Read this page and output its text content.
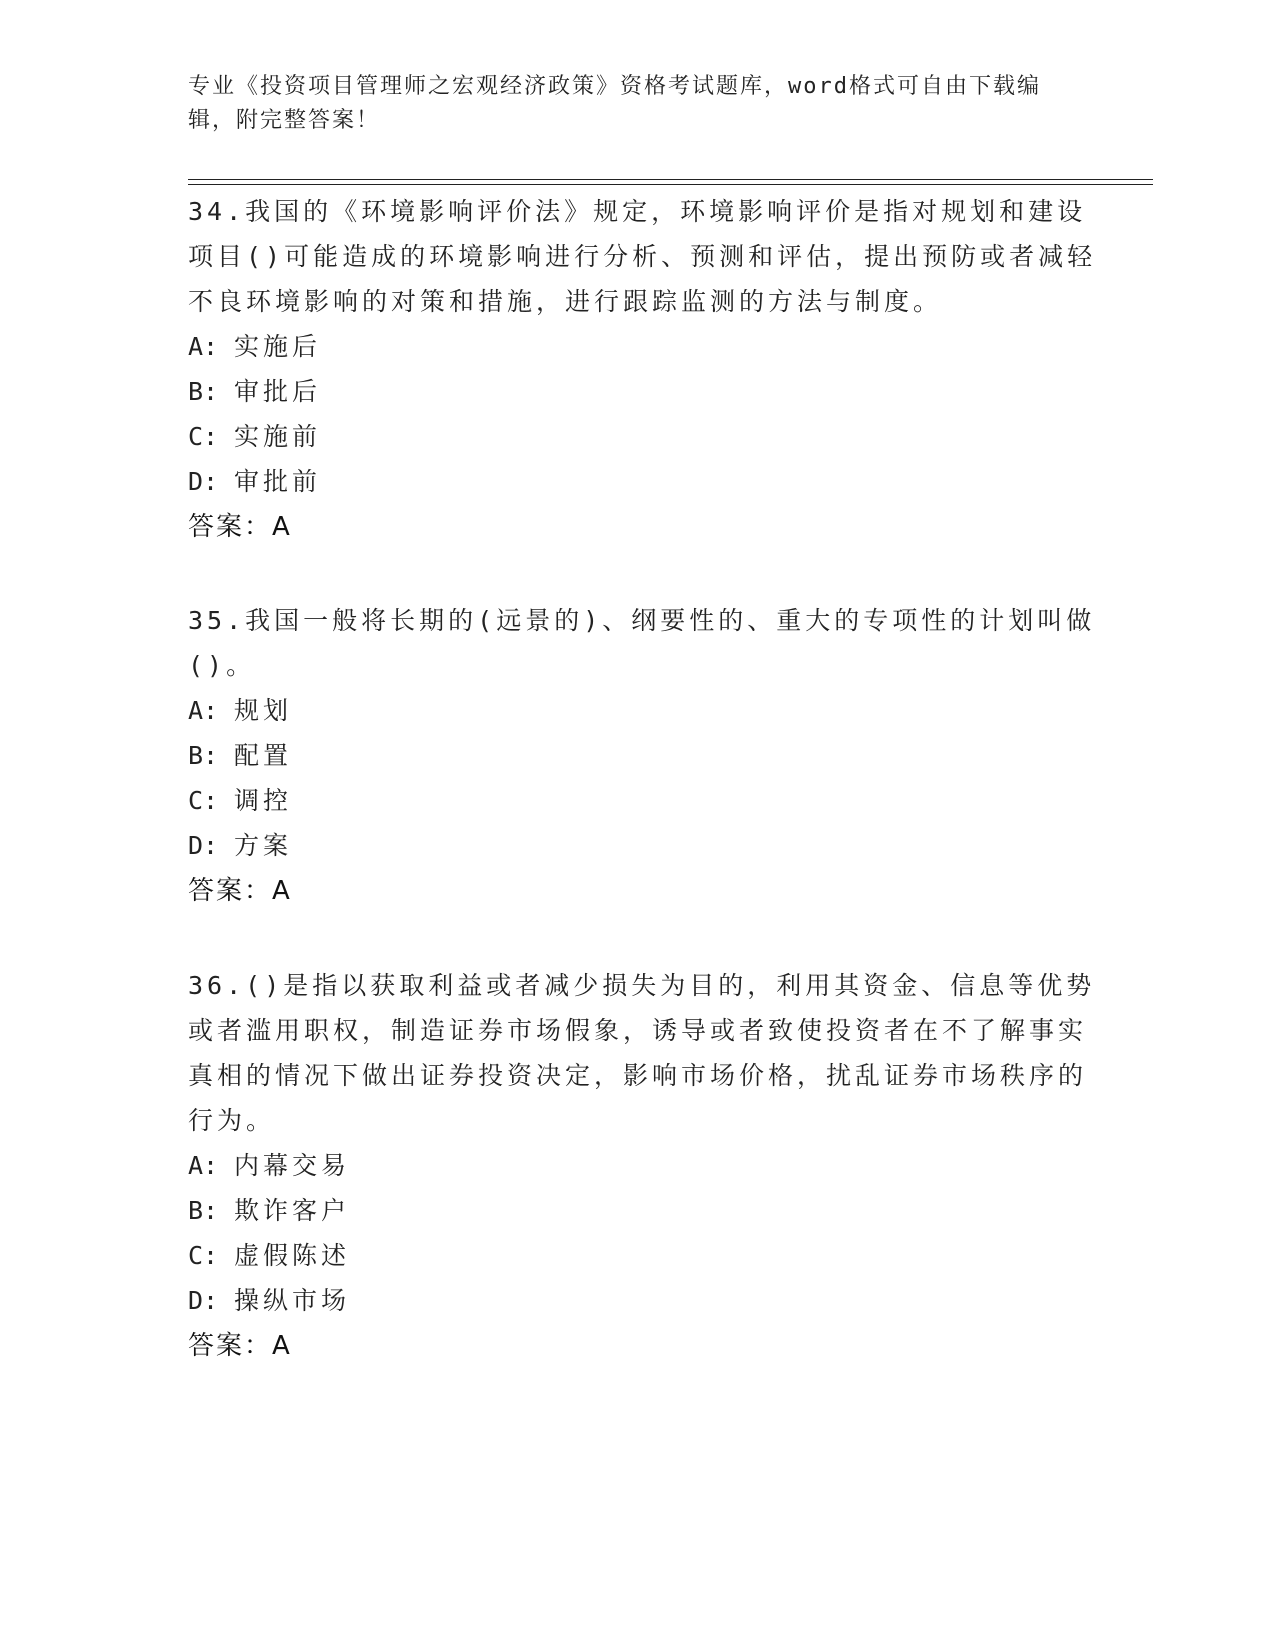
专业《投资项目管理师之宏观经济政策》资格考试题库，word格式可自由下载编辑，附完整答案！

34.我国的《环境影响评价法》规定，环境影响评价是指对规划和建设项目()可能造成的环境影响进行分析、预测和评估，提出预防或者减轻不良环境影响的对策和措施，进行跟踪监测的方法与制度。

A: 实施后
B: 审批后
C: 实施前
D: 审批前
答案：A

35.我国一般将长期的(远景的)、纲要性的、重大的专项性的计划叫做()。

A: 规划
B: 配置
C: 调控
D: 方案
答案：A

36.()是指以获取利益或者减少损失为目的，利用其资金、信息等优势或者滥用职权，制造证券市场假象，诱导或者致使投资者在不了解事实真相的情况下做出证券投资决定，影响市场价格，扰乱证券市场秩序的行为。

A: 内幕交易
B: 欺诈客户
C: 虚假陈述
D: 操纵市场
答案：A
